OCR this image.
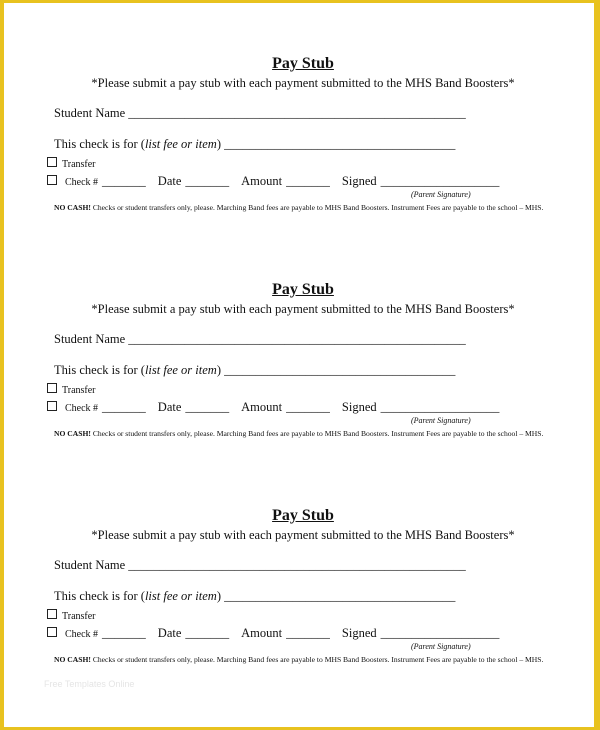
Pay Stub
*Please submit a pay stub with each payment submitted to the MHS Band Boosters*
Student Name ______________________________________________________
This check is for (list fee or item) _____________________________________
Transfer
Check # _______ Date _______ Amount _______ Signed ___________________
(Parent Signature)
NO CASH! Checks or student transfers only, please. Marching Band fees are payable to MHS Band Boosters. Instrument Fees are payable to the school – MHS.
Pay Stub
*Please submit a pay stub with each payment submitted to the MHS Band Boosters*
Student Name ______________________________________________________
This check is for (list fee or item) _____________________________________
Transfer
Check # _______ Date _______ Amount _______ Signed ___________________
(Parent Signature)
NO CASH! Checks or student transfers only, please. Marching Band fees are payable to MHS Band Boosters. Instrument Fees are payable to the school – MHS.
Pay Stub
*Please submit a pay stub with each payment submitted to the MHS Band Boosters*
Student Name ______________________________________________________
This check is for (list fee or item) _____________________________________
Transfer
Check # _______ Date _______ Amount _______ Signed ___________________
(Parent Signature)
NO CASH! Checks or student transfers only, please. Marching Band fees are payable to MHS Band Boosters. Instrument Fees are payable to the school – MHS.
Free Templates Online
